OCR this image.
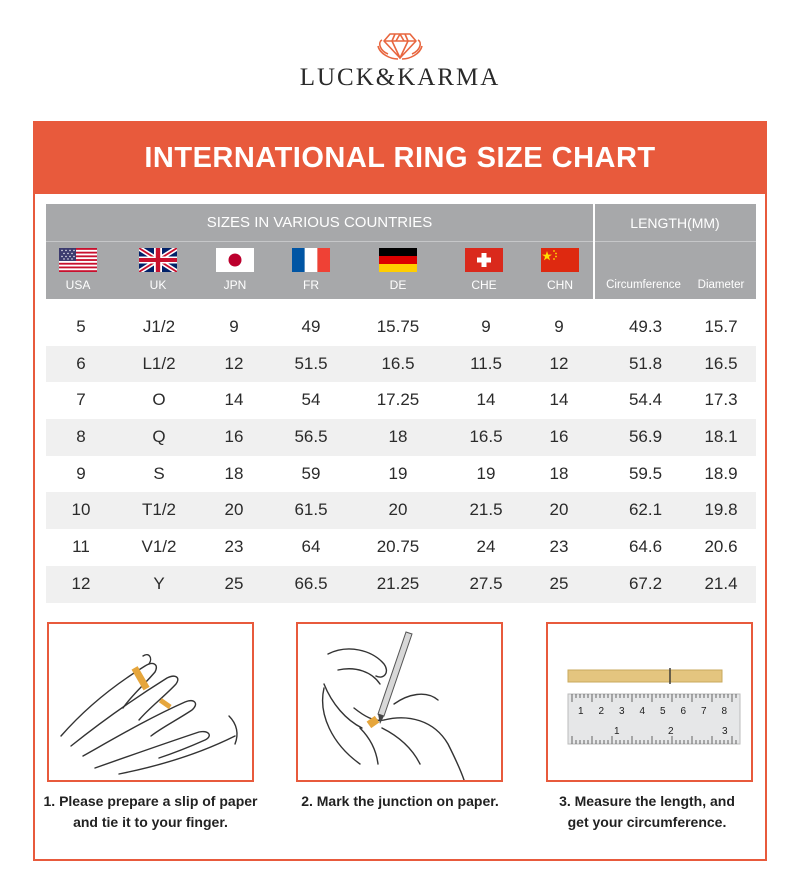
LUCK&KARMA
INTERNATIONAL RING SIZE CHART
SIZES IN VARIOUS COUNTRIES	LENGTH(MM)
USA	UK	JPN	FR	DE	CHE	CHN	Circumference	Diameter
5	J1/2	9	49	15.75	9	9	49.3	15.7
6	L1/2	12	51.5	16.5	11.5	12	51.8	16.5
7	O	14	54	17.25	14	14	54.4	17.3
8	Q	16	56.5	18	16.5	16	56.9	18.1
9	S	18	59	19	19	18	59.5	18.9
10	T1/2	20	61.5	20	21.5	20	62.1	19.8
11	V1/2	23	64	20.75	24	23	64.6	20.6
12	Y	25	66.5	21.25	27.5	25	67.2	21.4
1. Please prepare a slip of paper
and tie it to your finger.
2. Mark the junction on paper.
1 2 3 4 5 6 7 8
1	2	3
3. Measure the length, and
get your circumference.
